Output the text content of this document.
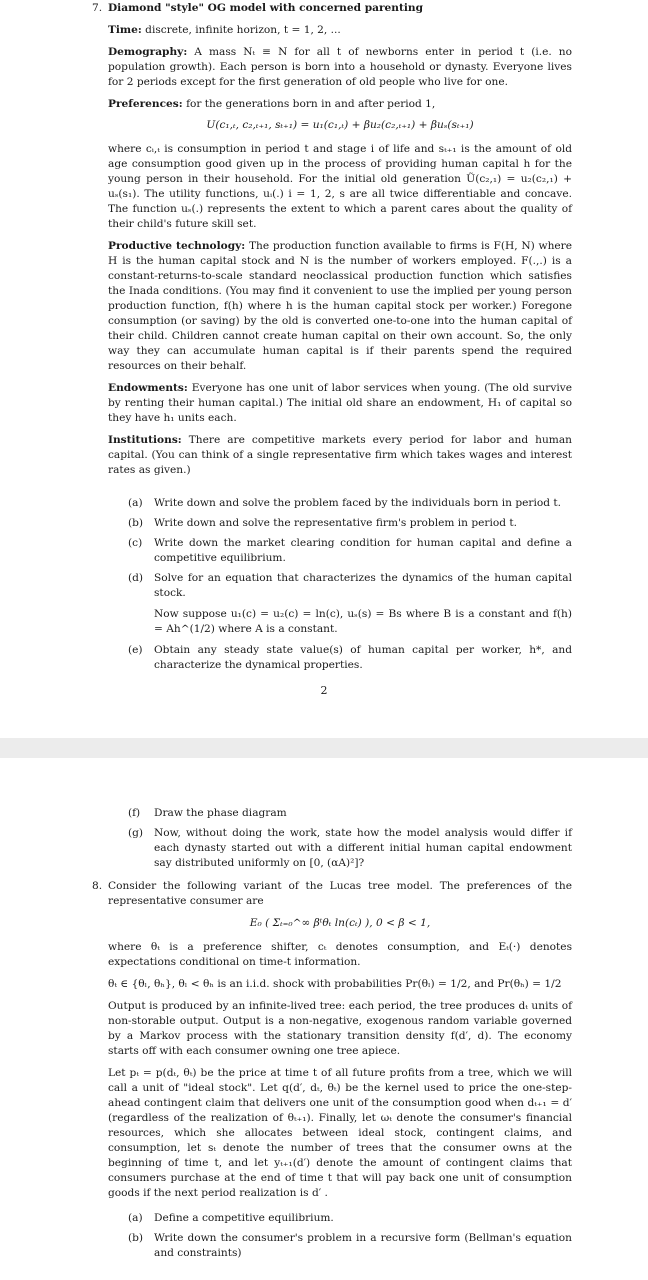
7. Diamond "style" OG model with concerned parenting

Time: discrete, infinite horizon, t = 1, 2, ...

Demography: A mass Nₜ ≡ N for all t of newborns enter in period t (i.e. no population growth). Each person is born into a household or dynasty. Everyone lives for 2 periods except for the first generation of old people who live for one.

Preferences: for the generations born in and after period 1,

U(c₁,ₜ, c₂,ₜ₊₁, sₜ₊₁) = u₁(c₁,ₜ) + βu₂(c₂,ₜ₊₁) + βuₛ(sₜ₊₁)

where cᵢ,ₜ is consumption in period t and stage i of life and sₜ₊₁ is the amount of old age consumption good given up in the process of providing human capital h for the young person in their household. For the initial old generation Ũ(c₂,₁) = u₂(c₂,₁) + uₛ(s₁). The utility functions, uᵢ(.) i = 1, 2, s are all twice differentiable and concave. The function uₛ(.) represents the extent to which a parent cares about the quality of their child's future skill set.

Productive technology: The production function available to firms is F(H, N) where H is the human capital stock and N is the number of workers employed. F(.,.) is a constant-returns-to-scale standard neoclassical production function which satisfies the Inada conditions. (You may find it convenient to use the implied per young person production function, f(h) where h is the human capital stock per worker.) Foregone consumption (or saving) by the old is converted one-to-one into the human capital of their child. Children cannot create human capital on their own account. So, the only way they can accumulate human capital is if their parents spend the required resources on their behalf.

Endowments: Everyone has one unit of labor services when young. (The old survive by renting their human capital.) The initial old share an endowment, H₁ of capital so they have h₁ units each.

Institutions: There are competitive markets every period for labor and human capital. (You can think of a single representative firm which takes wages and interest rates as given.)

(a) Write down and solve the problem faced by the individuals born in period t.
(b) Write down and solve the representative firm's problem in period t.
(c) Write down the market clearing condition for human capital and define a competitive equilibrium.
(d) Solve for an equation that characterizes the dynamics of the human capital stock.

Now suppose u₁(c) = u₂(c) = ln(c), uₛ(s) = Bs where B is a constant and f(h) = Ah^(1/2) where A is a constant.

(e) Obtain any steady state value(s) of human capital per worker, h*, and characterize the dynamical properties.
2
(f) Draw the phase diagram
(g) Now, without doing the work, state how the model analysis would differ if each dynasty started out with a different initial human capital endowment say distributed uniformly on [0, (αA)²]?

8. Consider the following variant of the Lucas tree model. The preferences of the representative consumer are

E₀ ( Σₜ₌₀^∞ βᵗθₜ ln(cₜ) ), 0 < β < 1,

where θₜ is a preference shifter, cₜ denotes consumption, and Eₜ(·) denotes expectations conditional on time-t information.

θₜ ∈ {θₗ, θₕ}, θₗ < θₕ is an i.i.d. shock with probabilities Pr(θₗ) = 1/2, and Pr(θₕ) = 1/2

Output is produced by an infinite-lived tree: each period, the tree produces dₜ units of non-storable output. Output is a non-negative, exogenous random variable governed by a Markov process with the stationary transition density f(d′, d). The economy starts off with each consumer owning one tree apiece.

Let pₜ = p(dₜ, θₜ) be the price at time t of all future profits from a tree, which we will call a unit of "ideal stock". Let q(d′, dₜ, θₜ) be the kernel used to price the one-step-ahead contingent claim that delivers one unit of the consumption good when dₜ₊₁ = d′ (regardless of the realization of θₜ₊₁). Finally, let ωₜ denote the consumer's financial resources, which she allocates between ideal stock, contingent claims, and consumption, let sₜ denote the number of trees that the consumer owns at the beginning of time t, and let yₜ₊₁(d′) denote the amount of contingent claims that consumers purchase at the end of time t that will pay back one unit of consumption goods if the next period realization is d′ .

(a) Define a competitive equilibrium.
(b) Write down the consumer's problem in a recursive form (Bellman's equation and constraints)
